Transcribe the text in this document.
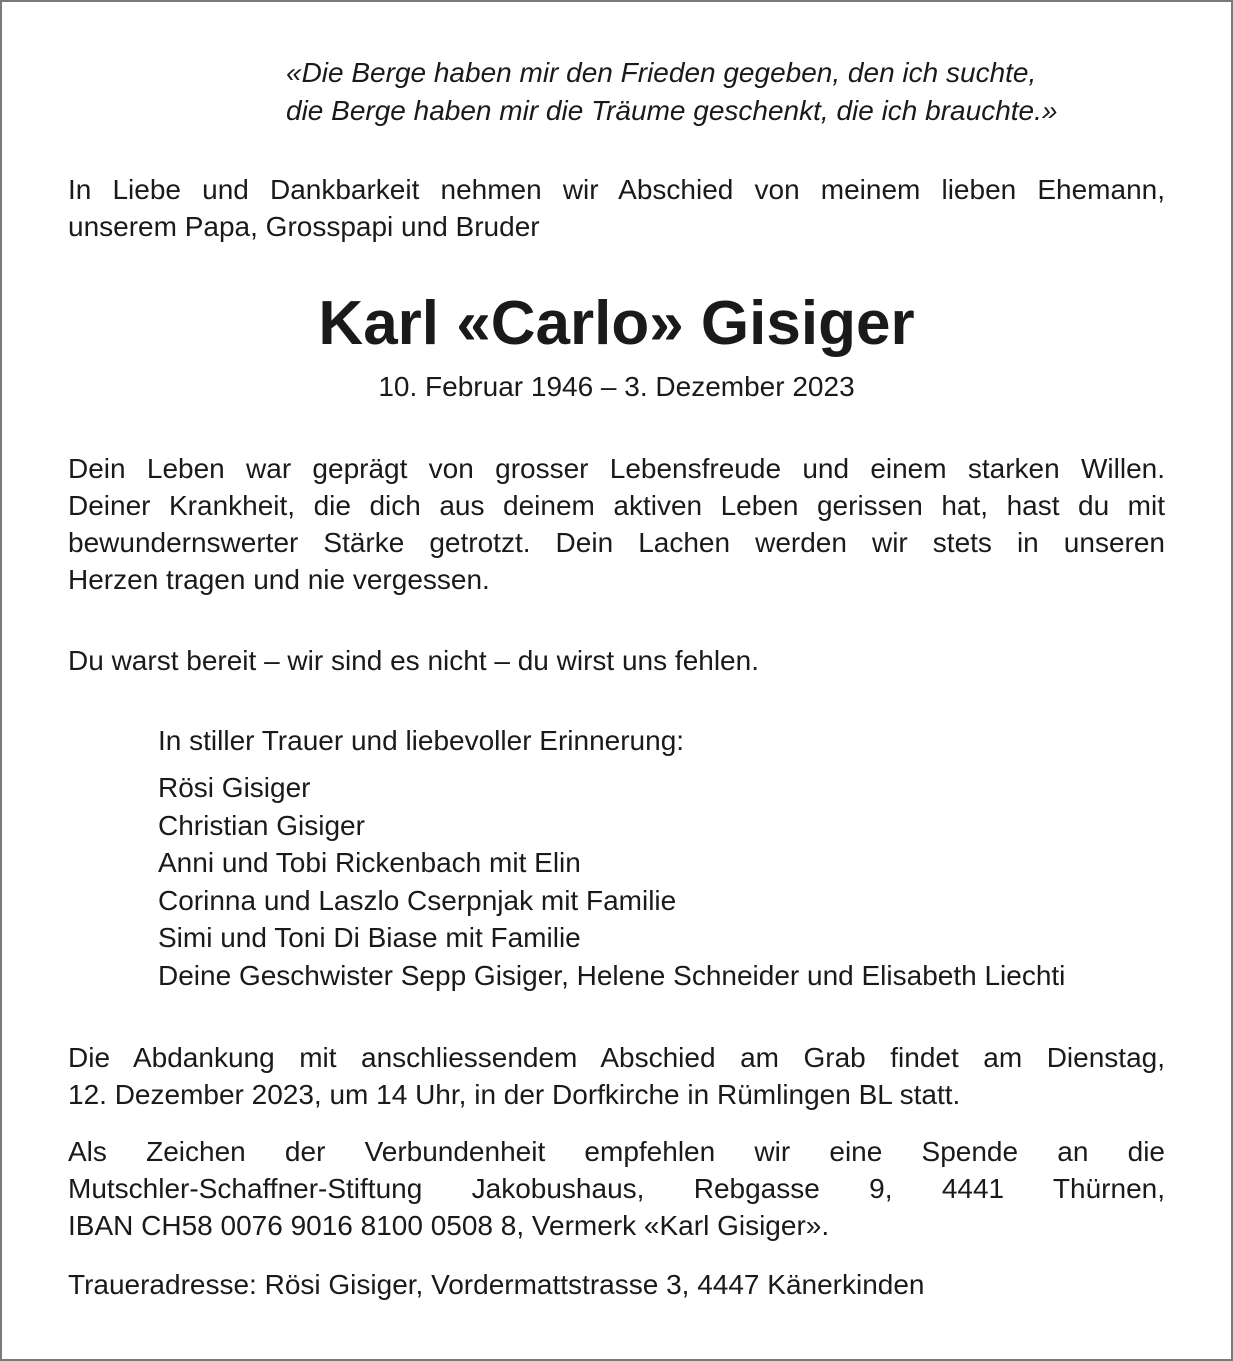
«Die Berge haben mir den Frieden gegeben, den ich suchte,
die Berge haben mir die Träume geschenkt, die ich brauchte.»
In Liebe und Dankbarkeit nehmen wir Abschied von meinem lieben Ehemann,
unserem Papa, Grosspapi und Bruder
Karl «Carlo» Gisiger
10. Februar 1946 – 3. Dezember 2023
Dein Leben war geprägt von grosser Lebensfreude und einem starken Willen.
Deiner Krankheit, die dich aus deinem aktiven Leben gerissen hat, hast du mit
bewundernswerter Stärke getrotzt. Dein Lachen werden wir stets in unseren
Herzen tragen und nie vergessen.
Du warst bereit – wir sind es nicht – du wirst uns fehlen.
In stiller Trauer und liebevoller Erinnerung:
Rösi Gisiger
Christian Gisiger
Anni und Tobi Rickenbach mit Elin
Corinna und Laszlo Cserpnjak mit Familie
Simi und Toni Di Biase mit Familie
Deine Geschwister Sepp Gisiger, Helene Schneider und Elisabeth Liechti
Die Abdankung mit anschliessendem Abschied am Grab findet am Dienstag,
12. Dezember 2023, um 14 Uhr, in der Dorfkirche in Rümlingen BL statt.
Als Zeichen der Verbundenheit empfehlen wir eine Spende an die
Mutschler-Schaffner-Stiftung Jakobushaus, Rebgasse 9, 4441 Thürnen,
IBAN CH58 0076 9016 8100 0508 8, Vermerk «Karl Gisiger».
Traueradresse: Rösi Gisiger, Vordermattstrasse 3, 4447 Känerkinden
